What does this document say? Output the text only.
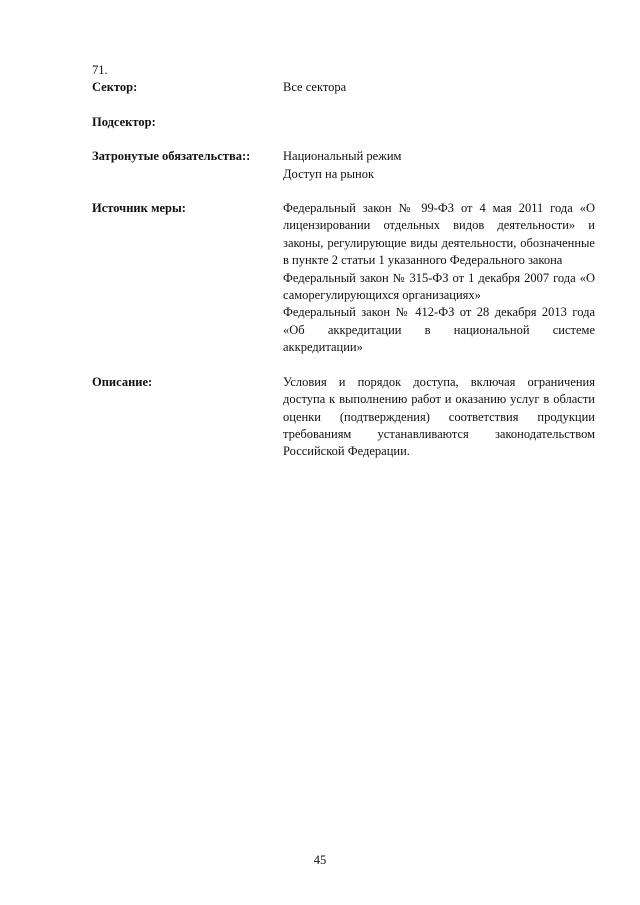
71.

Сектор:	Все сектора

Подсектор:
Затронутые обязательства::	Национальный режим

Доступ на рынок

Источник меры:	Федеральный закон № 99-ФЗ от 4 мая 2011 года «О лицензировании отдельных видов деятельности» и законы, регулирующие виды деятельности, обозначенные в пункте 2 статьи 1 указанного Федерального закона

Федеральный закон № 315-ФЗ от 1 декабря 2007 года «О саморегулирующихся организациях»

Федеральный закон № 412-ФЗ от 28 декабря 2013 года «Об аккредитации в национальной системе аккредитации»

Описание:	Условия и порядок доступа, включая ограничения доступа к выполнению работ и оказанию услуг в области оценки (подтверждения) соответствия продукции требованиям устанавливаются законодательством Российской Федерации.

45
